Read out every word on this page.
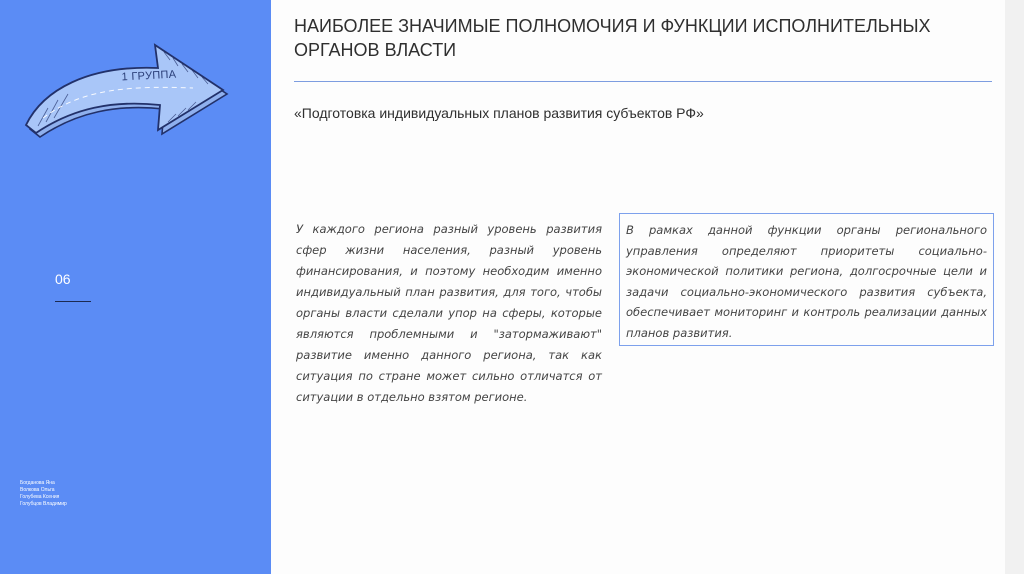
1 ГРУППА
06
Богданова Яна
Волкова Ольга
Голубева Ксения
Голубцов Владимир
НАИБОЛЕЕ ЗНАЧИМЫЕ ПОЛНОМОЧИЯ И ФУНКЦИИ ИСПОЛНИТЕЛЬНЫХ ОРГАНОВ ВЛАСТИ
«Подготовка индивидуальных планов развития субъектов РФ»
У каждого региона разный уровень развития сфер жизни населения, разный уровень финансирования, и поэтому необходим именно индивидуальный план развития, для того, чтобы органы власти сделали упор на сферы, которые являются проблемными и "затормаживают" развитие именно данного региона, так как ситуация по стране может сильно отличатся от ситуации в отдельно взятом регионе.
В рамках данной функции органы регионального управления определяют приоритеты социально-экономической политики региона, долгосрочные цели и задачи социально-экономического развития субъекта, обеспечивает мониторинг и контроль реализации данных планов развития.
